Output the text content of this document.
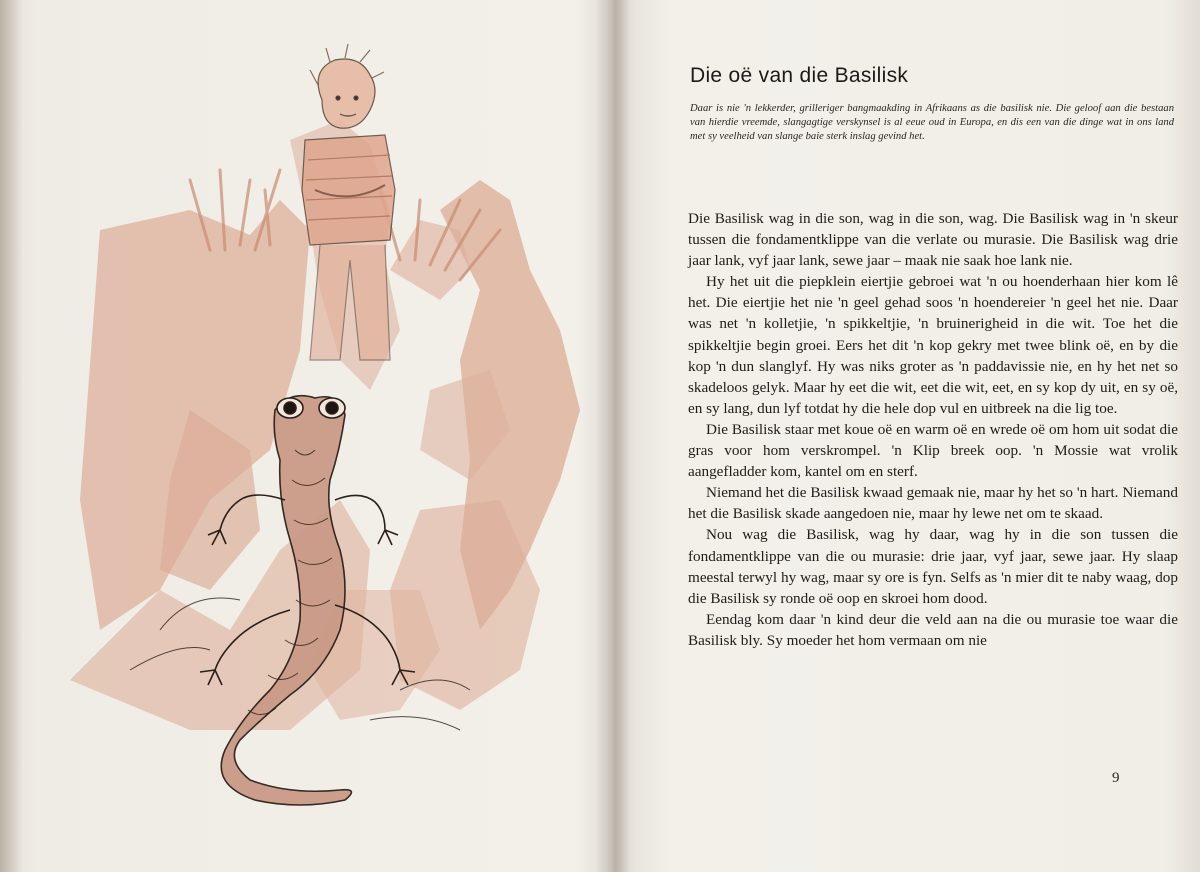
Die oë van die Basilisk
Daar is nie 'n lekkerder, grilleriger bangmaakding in Afrikaans as die basilisk nie. Die geloof aan die bestaan van hierdie vreemde, slangagtige verskynsel is al eeue oud in Europa, en dis een van die dinge wat in ons land met sy veelheid van slange baie sterk inslag gevind het.

Die Basilisk wag in die son, wag in die son, wag. Die Basilisk wag in 'n skeur tussen die fondamentklippe van die verlate ou murasie. Die Basilisk wag drie jaar lank, vyf jaar lank, sewe jaar – maak nie saak hoe lank nie.

Hy het uit die piepklein eiertjie gebroei wat 'n ou hoenderhaan hier kom lê het. Die eiertjie het nie 'n geel gehad soos 'n hoendereier 'n geel het nie. Daar was net 'n kolletjie, 'n spikkeltjie, 'n bruinerigheid in die wit. Toe het die spikkeltjie begin groei. Eers het dit 'n kop gekry met twee blink oë, en by die kop 'n dun slanglyf. Hy was niks groter as 'n paddavissie nie, en hy het net so skadeloos gelyk. Maar hy eet die wit, eet die wit, eet, en sy kop dy uit, en sy oë, en sy lang, dun lyf totdat hy die hele dop vul en uitbreek na die lig toe.

Die Basilisk staar met koue oë en warm oë en wrede oë om hom uit sodat die gras voor hom verskrompel. 'n Klip breek oop. 'n Mossie wat vrolik aangefladder kom, kantel om en sterf.

Niemand het die Basilisk kwaad gemaak nie, maar hy het so 'n hart. Niemand het die Basilisk skade aangedoen nie, maar hy lewe net om te skaad.

Nou wag die Basilisk, wag hy daar, wag hy in die son tussen die fondamentklippe van die ou murasie: drie jaar, vyf jaar, sewe jaar. Hy slaap meestal terwyl hy wag, maar sy ore is fyn. Selfs as 'n mier dit te naby waag, dop die Basilisk sy ronde oë oop en skroei hom dood.

Eendag kom daar 'n kind deur die veld aan na die ou murasie toe waar die Basilisk bly. Sy moeder het hom vermaan om nie

9
